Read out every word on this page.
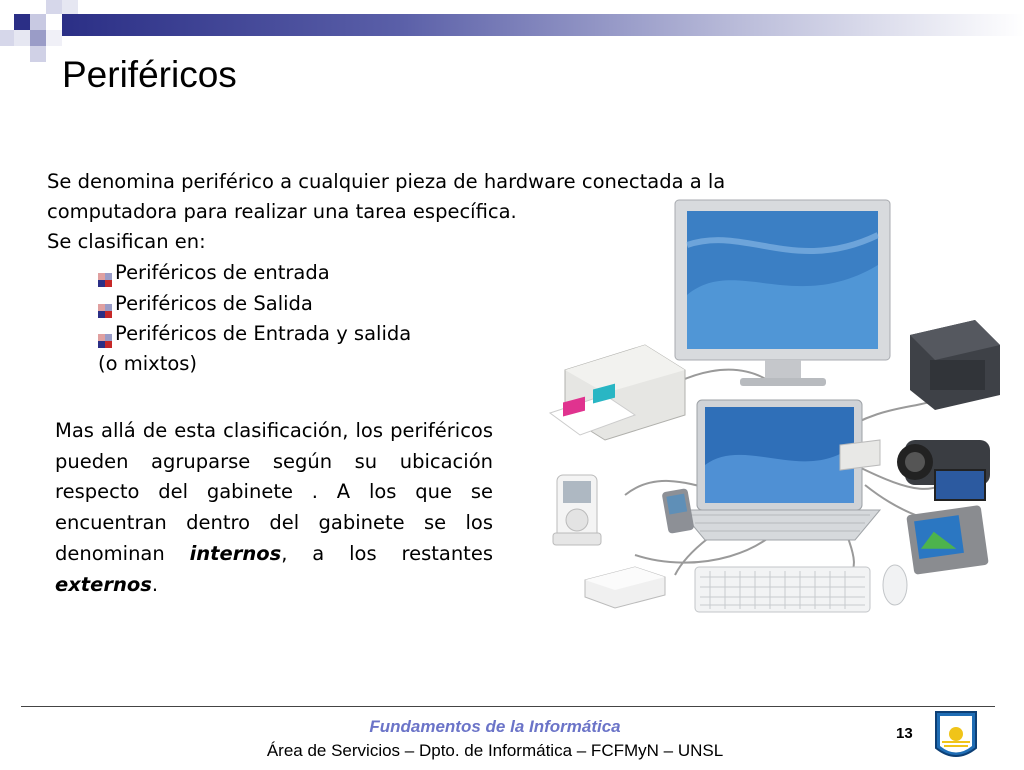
Periféricos
Se denomina periférico a cualquier pieza de hardware conectada a la computadora para realizar una tarea específica.
Se clasifican en:
Periféricos de entrada
Periféricos de Salida
Periféricos de Entrada y salida
(o mixtos)
Mas allá de esta clasificación, los periféricos pueden agruparse según su ubicación respecto del gabinete . A los que se encuentran dentro del gabinete se los denominan internos, a los restantes externos.
Fundamentos de la Informática
Área de Servicios – Dpto. de Informática – FCFMyN – UNSL
13
